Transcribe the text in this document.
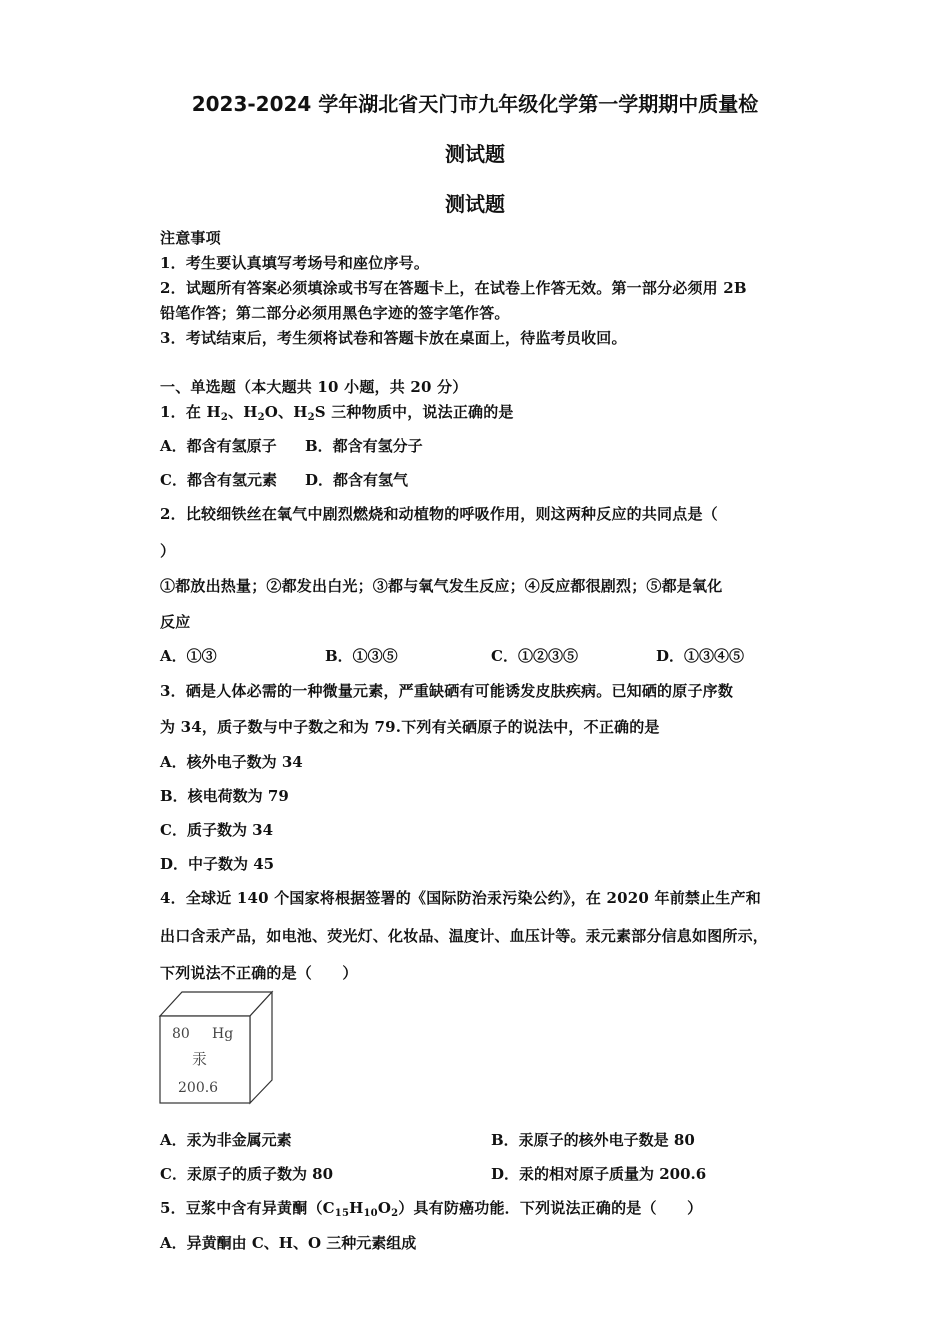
2023-2024 学年湖北省天门市九年级化学第一学期期中质量检
测试题
测试题
注意事项
1．考生要认真填写考场号和座位序号。
2．试题所有答案必须填涂或书写在答题卡上，在试卷上作答无效。第一部分必须用 2B
铅笔作答；第二部分必须用黑色字迹的签字笔作答。
3．考试结束后，考生须将试卷和答题卡放在桌面上，待监考员收回。
一、单选题（本大题共 10 小题，共 20 分）
1．在 $H_2$、$H_2O$、$H_2S$ 三种物质中，说法正确的是
A．都含有氢原子 B．都含有氢分子
C．都含有氢元素 D．都含有氢气
2．比较细铁丝在氧气中剧烈燃烧和动植物的呼吸作用，则这两种反应的共同点是（
）
①都放出热量；②都发出白光；③都与氧气发生反应；④反应都很剧烈；⑤都是氧化
反应
A．①③	B．①③⑤	C．①②③⑤	D．①③④⑤
3．硒是人体必需的一种微量元素，严重缺硒有可能诱发皮肤疾病。已知硒的原子序数
为 34，质子数与中子数之和为 79.下列有关硒原子的说法中，不正确的是
A．核外电子数为 34
B．核电荷数为 79
C．质子数为 34
D．中子数为 45
4．全球近 140 个国家将根据签署的《国际防治汞污染公约》，在 2020 年前禁止生产和
出口含汞产品，如电池、荧光灯、化妆品、温度计、血压计等。汞元素部分信息如图所示，
下列说法不正确的是（　　）
80 Hg
汞
200.6
A．汞为非金属元素	B．汞原子的核外电子数是 80
C．汞原子的质子数为 80	D．汞的相对原子质量为 200.6
5．豆浆中含有异黄酮$(C_{15}H_{10}O_2)$具有防癌功能．下列说法正确的是（　　）
A．异黄酮由 C、H、O 三种元素组成
